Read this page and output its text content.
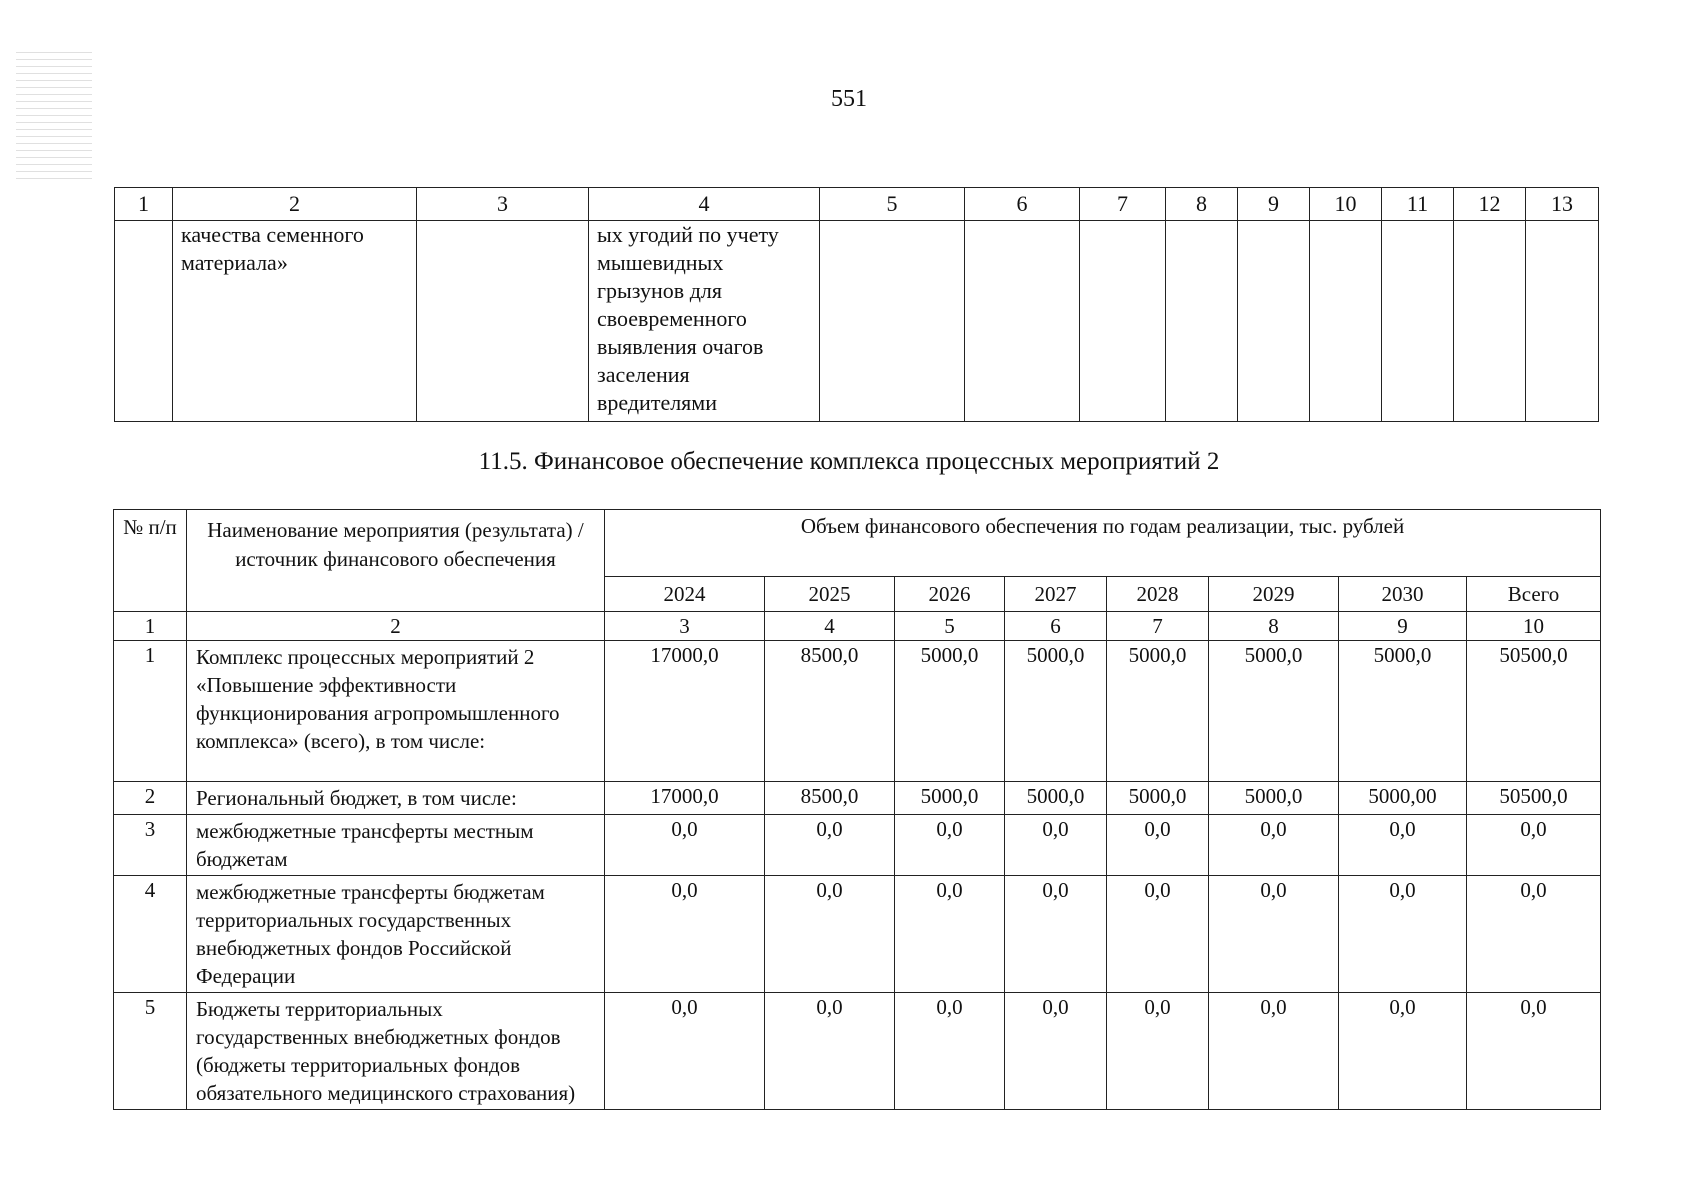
551
1	2	3	4	5	6	7	8	9	10	11	12	13
	качества семенного материала»		ых угодий по учету мышевидных грызунов для своевременного выявления очагов заселения вредителями									
11.5. Финансовое обеспечение комплекса процессных мероприятий 2
№ п/п	Наименование мероприятия (результата) / источник финансового обеспечения	Объем финансового обеспечения по годам реализации, тыс. рублей							
		2024	2025	2026	2027	2028	2029	2030	Всего
1	2	3	4	5	6	7	8	9	10
1	Комплекс процессных мероприятий 2 «Повышение эффективности функционирования агропромышленного комплекса» (всего), в том числе:	17000,0	8500,0	5000,0	5000,0	5000,0	5000,0	5000,0	50500,0
2	Региональный бюджет, в том числе:	17000,0	8500,0	5000,0	5000,0	5000,0	5000,0	5000,00	50500,0
3	межбюджетные трансферты местным бюджетам	0,0	0,0	0,0	0,0	0,0	0,0	0,0	0,0
4	межбюджетные трансферты бюджетам территориальных государственных внебюджетных фондов Российской Федерации	0,0	0,0	0,0	0,0	0,0	0,0	0,0	0,0
5	Бюджеты территориальных государственных внебюджетных фондов (бюджеты территориальных фондов обязательного медицинского страхования)	0,0	0,0	0,0	0,0	0,0	0,0	0,0	0,0
